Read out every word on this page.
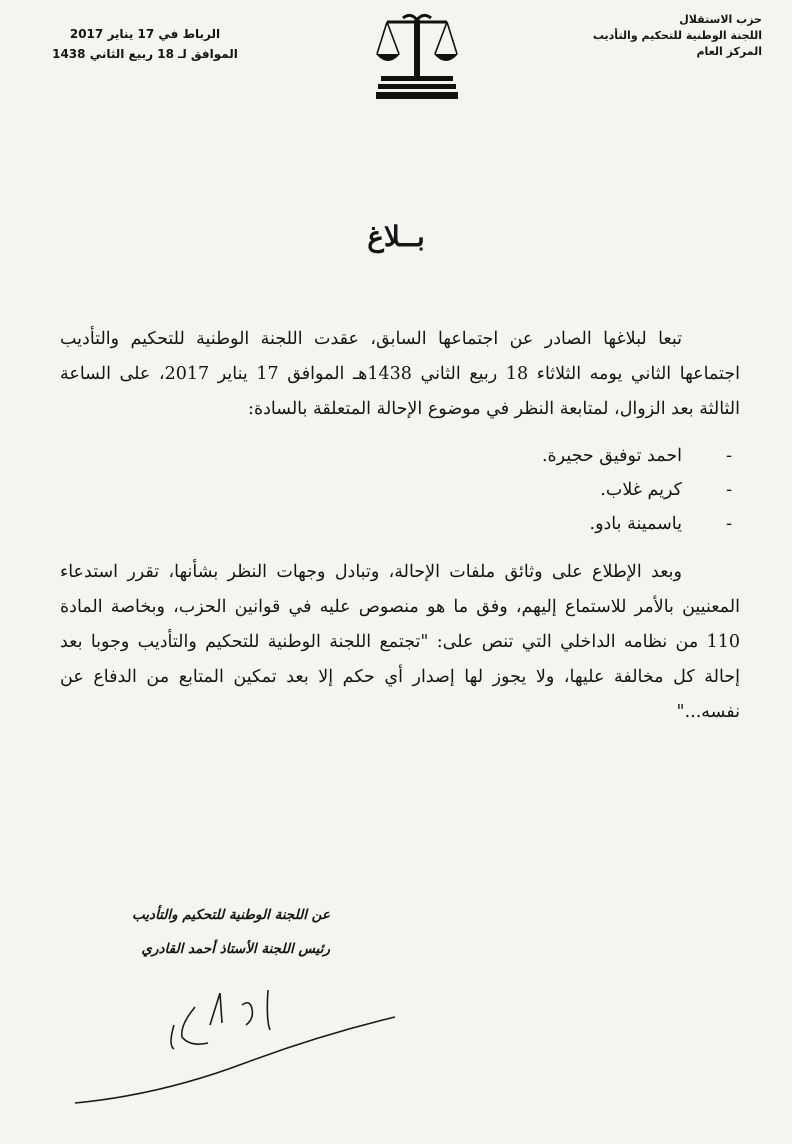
حزب الاستقلال
اللجنة الوطنية للتحكيم والتأديب
المركز العام
الرباط في 17 يناير 2017
الموافق لـ 18 ربيع الثاني 1438
بــلاغ

تبعا لبلاغها الصادر عن اجتماعها السابق، عقدت اللجنة الوطنية للتحكيم والتأديب اجتماعها الثاني يومه الثلاثاء 18 ربيع الثاني 1438هـ الموافق 17 يناير 2017، على الساعة الثالثة بعد الزوال، لمتابعة النظر في موضوع الإحالة المتعلقة بالسادة:

- احمد توفيق حجيرة.
- كريم غلاب.
- ياسمينة بادو.

وبعد الإطلاع على وثائق ملفات الإحالة، وتبادل وجهات النظر بشأنها، تقرر استدعاء المعنيين بالأمر للاستماع إليهم، وفق ما هو منصوص عليه في قوانين الحزب، وبخاصة المادة 110 من نظامه الداخلي التي تنص على: "تجتمع اللجنة الوطنية للتحكيم والتأديب وجوبا بعد إحالة كل مخالفة عليها، ولا يجوز لها إصدار أي حكم إلا بعد تمكين المتابع من الدفاع عن نفسه..."

عن اللجنة الوطنية للتحكيم والتأديب
رئيس اللجنة الأستاذ أحمد القادري
